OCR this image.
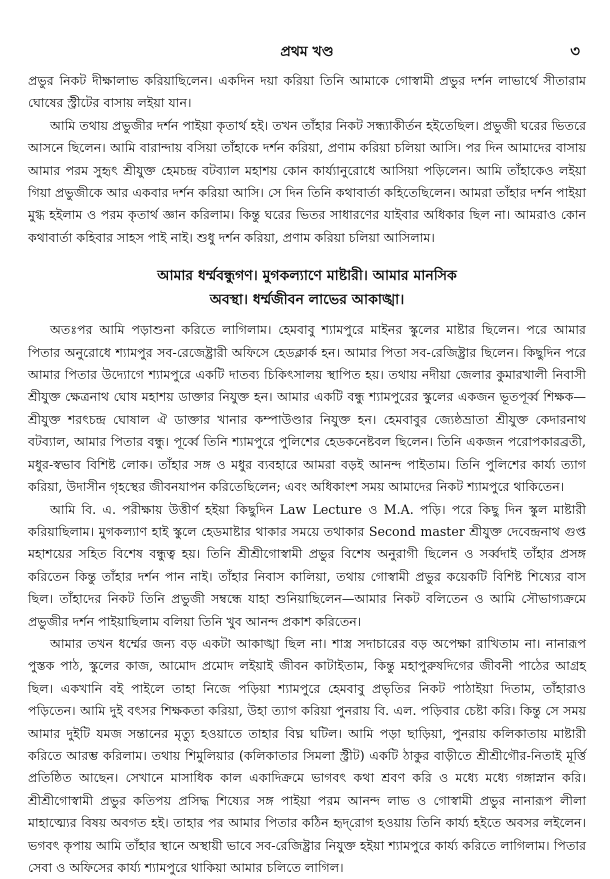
প্রথম খণ্ড	৩

প্রভুর নিকট দীক্ষালাভ করিয়াছিলেন। একদিন দয়া করিয়া তিনি আমাকে গোস্বামী প্রভুর দর্শন লাভার্থে সীতারাম ঘোষের স্ট্রীটের বাসায় লইয়া যান।

আমি তথায় প্রভুজীর দর্শন পাইয়া কৃতার্থ হই। তখন তাঁহার নিকট সন্ধ্যাকীর্তন হইতেছিল। প্রভুজী ঘরের ভিতরে আসনে ছিলেন। আমি বারান্দায় বসিয়া তাঁহাকে দর্শন করিয়া, প্রণাম করিয়া চলিয়া আসি। পর দিন আমাদের বাসায় আমার পরম সুহৃৎ শ্রীযুক্ত হেমচন্দ্র বটব্যাল মহাশয় কোন কার্য্যানুরোধে আসিয়া পড়িলেন। আমি তাঁহাকেও লইয়া গিয়া প্রভুজীকে আর একবার দর্শন করিয়া আসি। সে দিন তিনি কথাবার্তা কহিতেছিলেন। আমরা তাঁহার দর্শন পাইয়া মুগ্ধ হইলাম ও পরম কৃতার্থ জ্ঞান করিলাম। কিন্তু ঘরের ভিতর সাধারণের যাইবার অধিকার ছিল না। আমরাও কোন কথাবার্তা কহিবার সাহস পাই নাই। শুধু দর্শন করিয়া, প্রণাম করিয়া চলিয়া আসিলাম।

আমার ধর্ম্মবন্ধুগণ। মুগকল্যাণে মাষ্টারী। আমার মানসিক
অবস্থা। ধর্ম্মজীবন লাভের আকাঙ্খা।

অতঃপর আমি পড়াশুনা করিতে লাগিলাম। হেমবাবু শ্যামপুরে মাইনর স্কুলের মাষ্টার ছিলেন। পরে আমার পিতার অনুরোধে শ্যামপুর সব-রেজেষ্ট্রারী অফিসে হেডক্লার্ক হন। আমার পিতা সব-রেজিষ্ট্রার ছিলেন। কিছুদিন পরে আমার পিতার উদ্যোগে শ্যামপুরে একটি দাতব্য চিকিৎসালয় স্থাপিত হয়। তথায় নদীয়া জেলার কুমারখালী নিবাসী শ্রীযুক্ত ক্ষেত্রনাথ ঘোষ মহাশয় ডাক্তার নিযুক্ত হন। আমার একটি বন্ধু শ্যামপুরের স্কুলের একজন ভূতপূর্ব্ব শিক্ষক—শ্রীযুক্ত শরৎচন্দ্র ঘোষাল ঐ ডাক্তার খানার কম্পাউণ্ডার নিযুক্ত হন। হেমবাবুর জ্যেষ্ঠভ্রাতা শ্রীযুক্ত কেদারনাথ বটব্যাল, আমার পিতার বন্ধু। পূর্ব্বে তিনি শ্যামপুরে পুলিশের হেডকনেষ্টবল ছিলেন। তিনি একজন পরোপকারব্রতী, মধুর-স্বভাব বিশিষ্ট লোক। তাঁহার সঙ্গ ও মধুর ব্যবহারে আমরা বড়ই আনন্দ পাইতাম। তিনি পুলিশের কার্য্য ত্যাগ করিয়া, উদাসীন গৃহস্থের জীবনযাপন করিতেছিলেন; এবং অধিকাংশ সময় আমাদের নিকট শ্যামপুরে থাকিতেন।

আমি বি. এ. পরীক্ষায় উত্তীর্ণ হইয়া কিছুদিন Law Lecture ও M.A. পড়ি। পরে কিছু দিন স্কুল মাষ্টারী করিয়াছিলাম। মুগকল্যাণ হাই স্কুলে হেডমাষ্টার থাকার সময়ে তথাকার Second master শ্রীযুক্ত দেবেন্দ্রনাথ গুপ্ত মহাশয়ের সহিত বিশেষ বন্ধুত্ব হয়। তিনি শ্রীশ্রীগোস্বামী প্রভুর বিশেষ অনুরাগী ছিলেন ও সর্ব্বদাই তাঁহার প্রসঙ্গ করিতেন কিন্তু তাঁহার দর্শন পান নাই। তাঁহার নিবাস কালিয়া, তথায় গোস্বামী প্রভুর কয়েকটি বিশিষ্ট শিষ্যের বাস ছিল। তাঁহাদের নিকট তিনি প্রভুজী সম্বন্ধে যাহা শুনিয়াছিলেন—আমার নিকট বলিতেন ও আমি সৌভাগ্যক্রমে প্রভুজীর দর্শন পাইয়াছিলাম বলিয়া তিনি খুব আনন্দ প্রকাশ করিতেন।

আমার তখন ধর্ম্মের জন্য বড় একটা আকাঙ্খা ছিল না। শাস্ত্র সদাচারের বড় অপেক্ষা রাখিতাম না। নানারূপ পুস্তক পাঠ, স্কুলের কাজ, আমোদ প্রমোদ লইয়াই জীবন কাটাইতাম, কিন্তু মহাপুরুষদিগের জীবনী পাঠের আগ্রহ ছিল। একখানি বই পাইলে তাহা নিজে পড়িয়া শ্যামপুরে হেমবাবু প্রভৃতির নিকট পাঠাইয়া দিতাম, তাঁহারাও পড়িতেন। আমি দুই বৎসর শিক্ষকতা করিয়া, উহা ত্যাগ করিয়া পুনরায় বি. এল. পড়িবার চেষ্টা করি। কিন্তু সে সময় আমার দুইটি যমজ সন্তানের মৃত্যু হওয়াতে তাহার বিঘ্ন ঘটিল। আমি পড়া ছাড়িয়া, পুনরায় কলিকাতায় মাষ্টারী করিতে আরম্ভ করিলাম। তথায় শিমুলিয়ার (কলিকাতার সিমলা স্ট্রীট) একটি ঠাকুর বাড়ীতে শ্রীশ্রীগৌর-নিতাই মূর্ত্তি প্রতিষ্ঠিত আছেন। সেখানে মাসাধিক কাল একাদিক্রমে ভাগবৎ কথা শ্রবণ করি ও মধ্যে মধ্যে গঙ্গাস্নান করি। শ্রীশ্রীগোস্বামী প্রভুর কতিপয় প্রসিদ্ধ শিষ্যের সঙ্গ পাইয়া পরম আনন্দ লাভ ও গোস্বামী প্রভুর নানারূপ লীলা মাহাত্ম্যের বিষয় অবগত হই। তাহার পর আমার পিতার কঠিন হৃদ্‌রোগ হওয়ায় তিনি কার্য্য হইতে অবসর লইলেন। ভগবৎ কৃপায় আমি তাঁহার স্থানে অস্থায়ী ভাবে সব-রেজিষ্ট্রার নিযুক্ত হইয়া শ্যামপুরে কার্য্য করিতে লাগিলাম। পিতার সেবা ও অফিসের কার্য্য শ্যামপুরে থাকিয়া আমার চলিতে লাগিল।
